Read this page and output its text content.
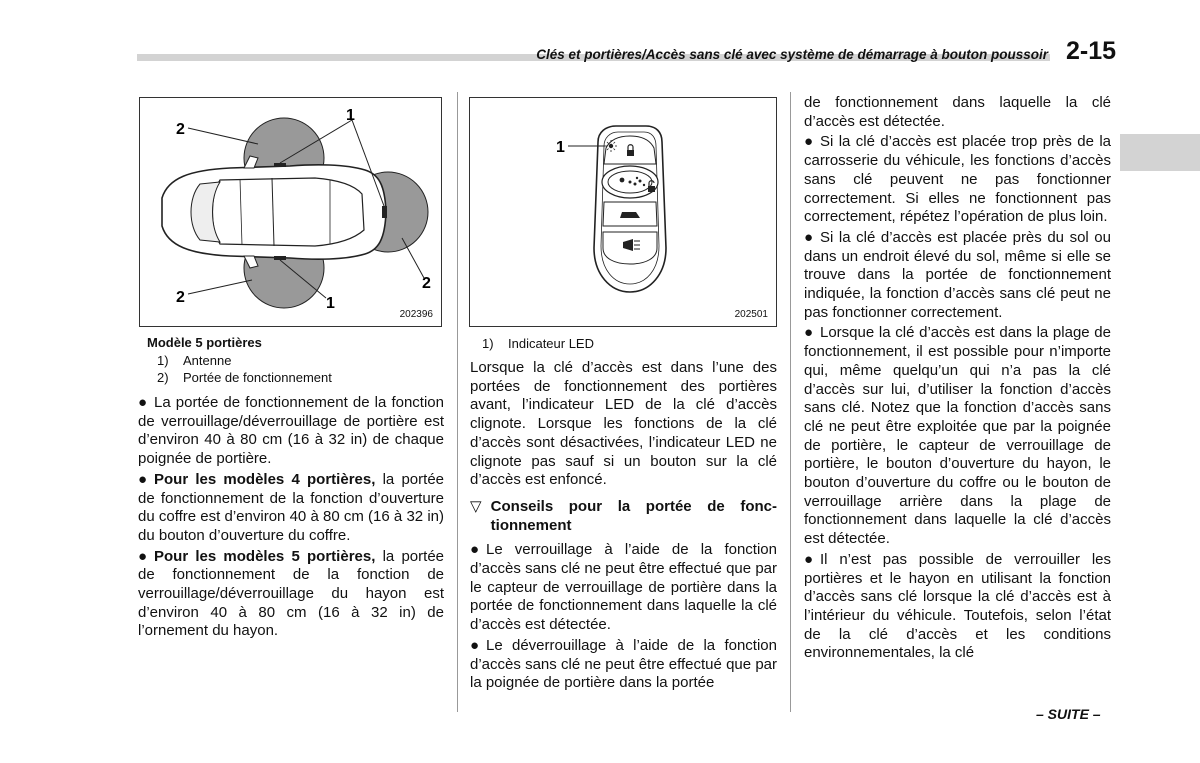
Clés et portières/Accès sans clé avec système de démarrage à bouton poussoir 2-15
2
1
2	1
2
202396
Modèle 5 portières
1)	Antenne
2)	Portée de fonctionnement

● La portée de fonctionnement de la fonction de verrouillage/déverrouillage de portière est d’environ 40 à 80 cm (16 à 32 in) de chaque poignée de portière.

● Pour les modèles 4 portières, la portée de fonctionnement de la fonction d’ouverture du coffre est d’environ 40 à 80 cm (16 à 32 in) du bouton d’ouverture du coffre.

● Pour les modèles 5 portières, la portée de fonctionnement de la fonction de verrouillage/déverrouillage du hayon est d’environ 40 à 80 cm (16 à 32 in) de l’ornement du hayon.

1
202501
1)	Indicateur LED

Lorsque la clé d’accès est dans l’une des portées de fonctionnement des portières avant, l’indicateur LED de la clé d’accès clignote. Lorsque les fonctions de la clé d’accès sont désactivées, l’indicateur LED ne clignote pas sauf si un bouton sur la clé d’accès est enfoncé.

▽ Conseils pour la portée de fonctionnement

● Le verrouillage à l’aide de la fonction d’accès sans clé ne peut être effectué que par le capteur de verrouillage de portière dans la portée de fonctionnement dans laquelle la clé d’accès est détectée.

● Le déverrouillage à l’aide de la fonction d’accès sans clé ne peut être effectué que par la poignée de portière dans la portée

de fonctionnement dans laquelle la clé d’accès est détectée.

● Si la clé d’accès est placée trop près de la carrosserie du véhicule, les fonctions d’accès sans clé peuvent ne pas fonctionner correctement. Si elles ne fonctionnent pas correctement, répétez l’opération de plus loin.

● Si la clé d’accès est placée près du sol ou dans un endroit élevé du sol, même si elle se trouve dans la portée de fonctionnement indiquée, la fonction d’accès sans clé peut ne pas fonctionner correctement.

● Lorsque la clé d’accès est dans la plage de fonctionnement, il est possible pour n’importe qui, même quelqu’un qui n’a pas la clé d’accès sur lui, d’utiliser la fonction d’accès sans clé. Notez que la fonction d’accès sans clé ne peut être exploitée que par la poignée de portière, le capteur de verrouillage de portière, le bouton d’ouverture du hayon, le bouton d’ouverture du coffre ou le bouton de verrouillage arrière dans la plage de fonctionnement dans laquelle la clé d’accès est détectée.

● Il n’est pas possible de verrouiller les portières et le hayon en utilisant la fonction d’accès sans clé lorsque la clé d’accès est à l’intérieur du véhicule. Toutefois, selon l’état de la clé d’accès et les conditions environnementales, la clé

– SUITE –
